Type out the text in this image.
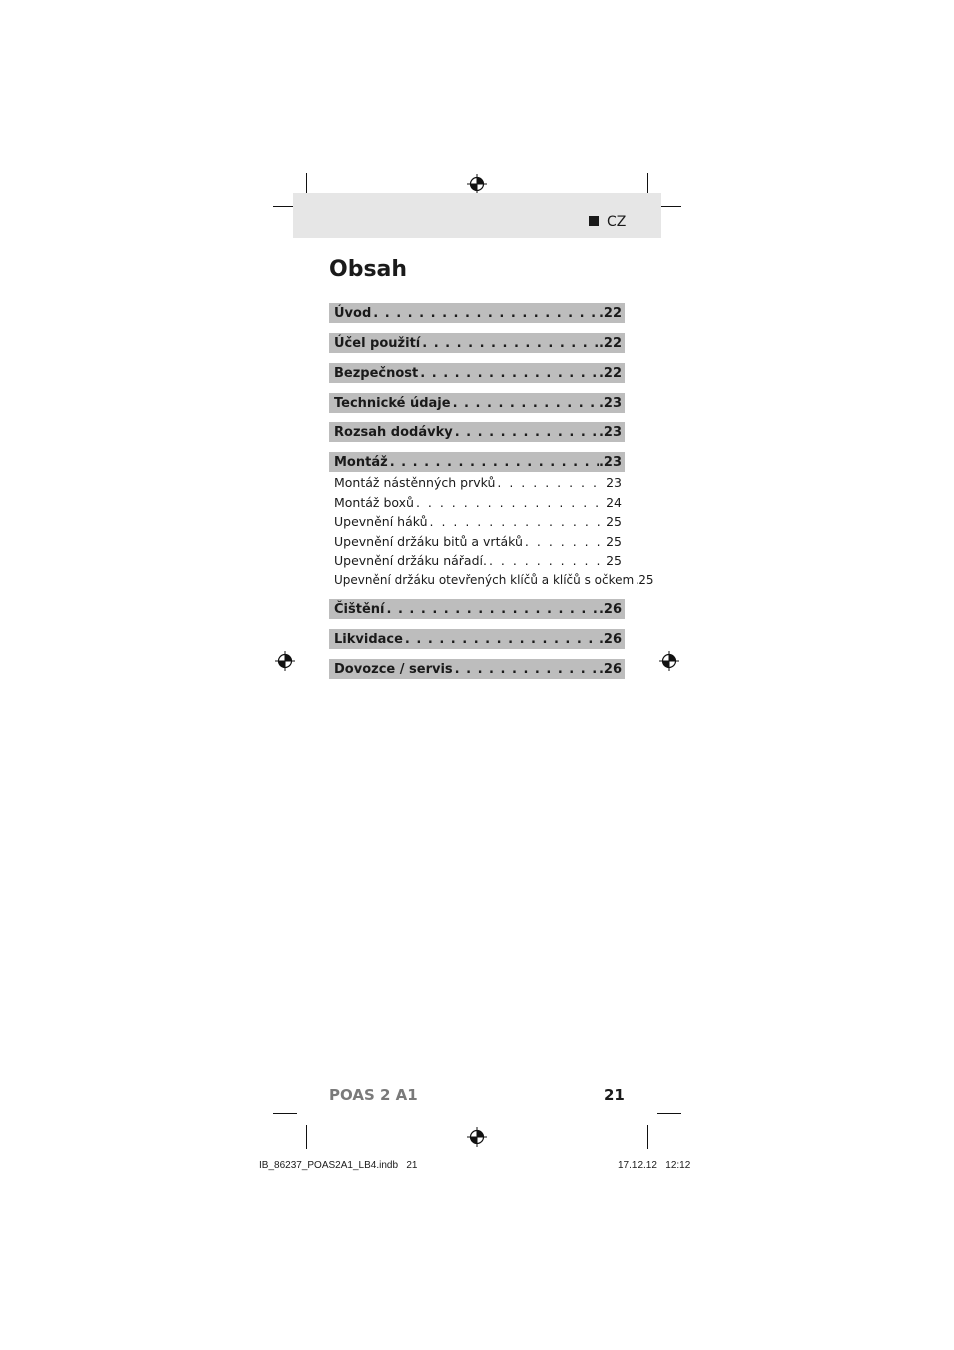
CZ
Obsah
Úvod . . .	.22
Účel použití . . .	.22
Bezpečnost . . .	.22
Technické údaje . . .	.23
Rozsah dodávky . . .	.23
Montáž . . .	.23
Montáž nástěnných prvků . . .	23
Montáž boxů . . .	24
Upevnění háků . . .	25
Upevnění držáku bitů a vrtáků . . .	25
Upevnění držáku nářadí. . . .	25
Upevnění držáku otevřených klíčů a klíčů s očkem . . . 25
Čištění . . .	.26
Likvidace . . .	.26
Dovozce / servis . . .	.26
POAS 2 A1	21
IB_86237_POAS2A1_LB4.indb   21	17.12.12   12:12
